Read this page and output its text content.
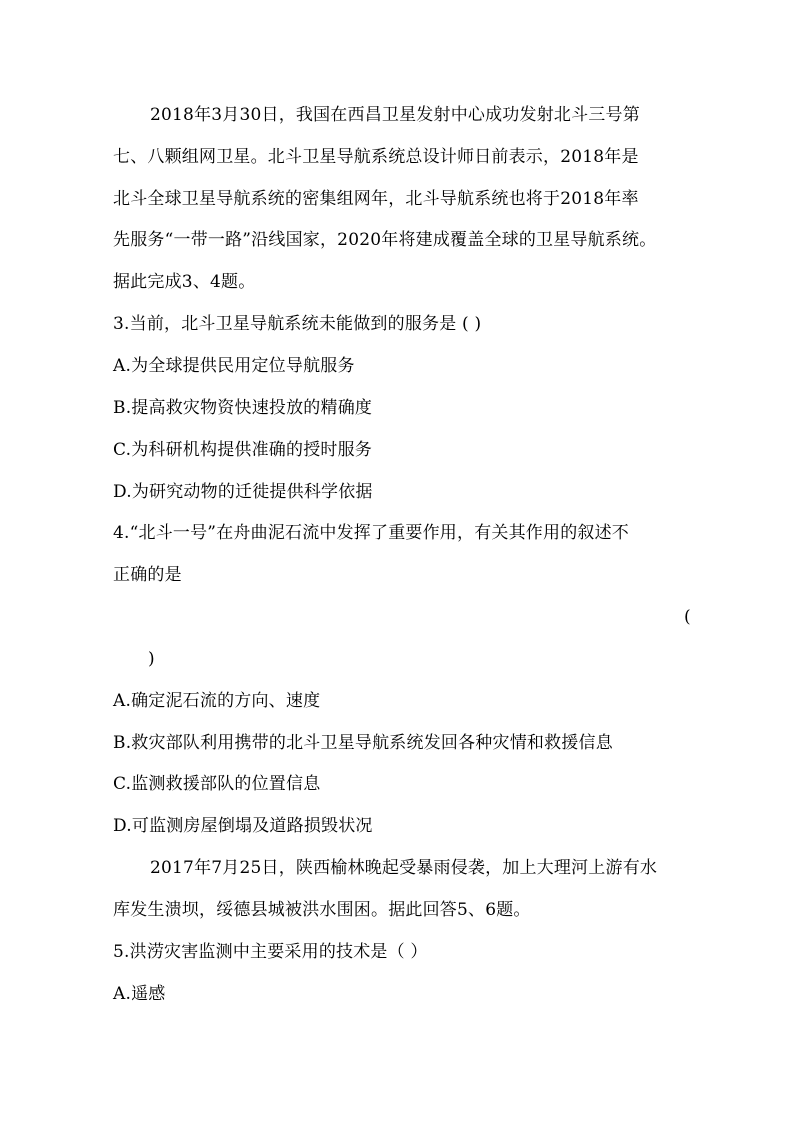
2018年3月30日，我国在西昌卫星发射中心成功发射北斗三号第
七、八颗组网卫星。北斗卫星导航系统总设计师日前表示，2018年是
北斗全球卫星导航系统的密集组网年，北斗导航系统也将于2018年率
先服务“一带一路”沿线国家，2020年将建成覆盖全球的卫星导航系统。
据此完成3、4题。
3.当前，北斗卫星导航系统未能做到的服务是 ( )
A.为全球提供民用定位导航服务
B.提高救灾物资快速投放的精确度
C.为科研机构提供准确的授时服务
D.为研究动物的迁徙提供科学依据
4.“北斗一号”在舟曲泥石流中发挥了重要作用，有关其作用的叙述不
正确的是
(
)
A.确定泥石流的方向、速度
B.救灾部队利用携带的北斗卫星导航系统发回各种灾情和救援信息
C.监测救援部队的位置信息
D.可监测房屋倒塌及道路损毁状况
2017年7月25日，陕西榆林晚起受暴雨侵袭，加上大理河上游有水
库发生溃坝，绥德县城被洪水围困。据此回答5、6题。
5.洪涝灾害监测中主要采用的技术是（ ）
A.遥感
